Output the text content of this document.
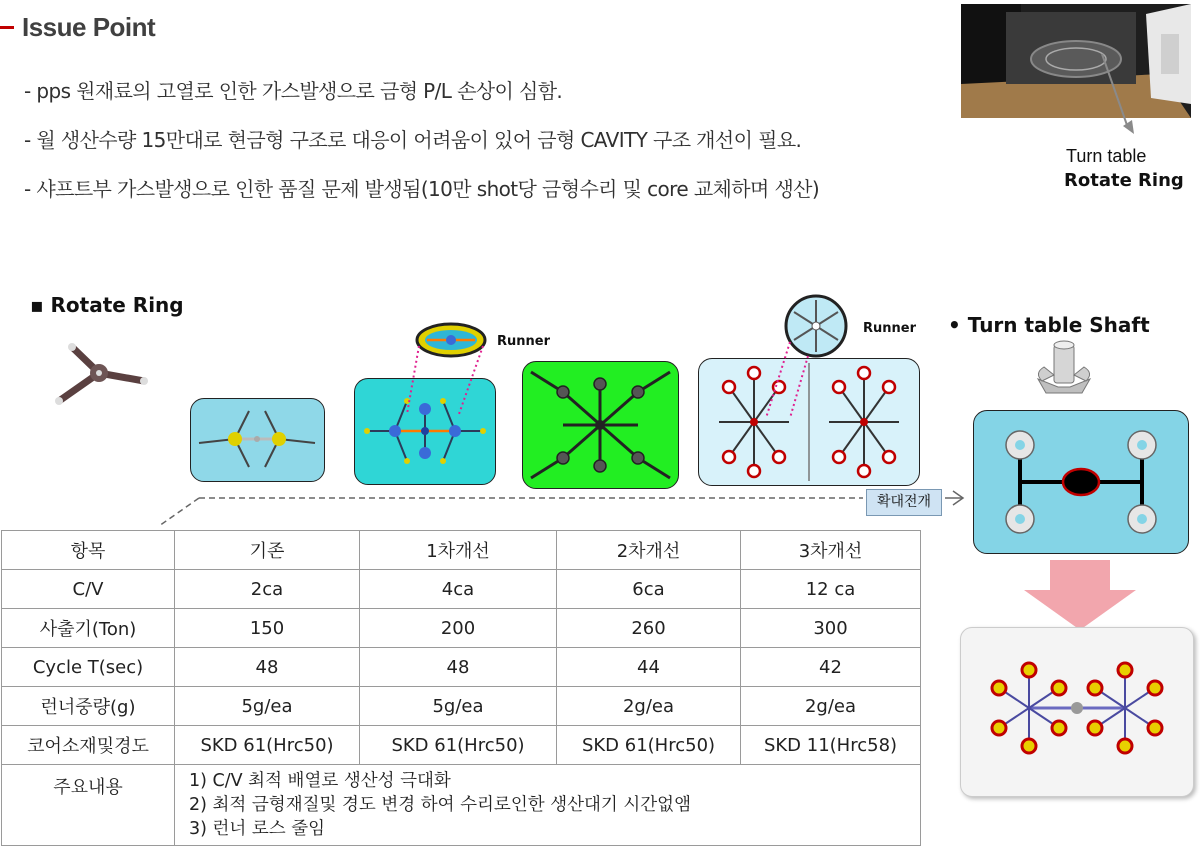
Issue Point
- pps 원재료의 고열로 인한 가스발생으로 금형 P/L 손상이 심함.
- 월 생산수량 15만대로 현금형 구조로 대응이 어려움이 있어 금형 CAVITY 구조 개선이 필요.
- 샤프트부 가스발생으로 인한 품질 문제 발생됨(10만 shot당 금형수리 및 core 교체하며 생산)
Turn table
Rotate Ring
▪ Rotate Ring
• Turn table Shaft
Runner
Runner
확대전개
항목	기존	1차개선	2차개선	3차개선
C/V	2ca	4ca	6ca	12 ca
사출기(Ton)	150	200	260	300
Cycle T(sec)	48	48	44	42
런너중량(g)	5g/ea	5g/ea	2g/ea	2g/ea
코어소재및경도	SKD 61(Hrc50)	SKD 61(Hrc50)	SKD 61(Hrc50)	SKD 11(Hrc58)
주요내용	1) C/V 최적 배열로 생산성 극대화
2) 최적 금형재질및 경도 변경 하여 수리로인한 생산대기 시간없앰
3) 런너 로스 줄임			
